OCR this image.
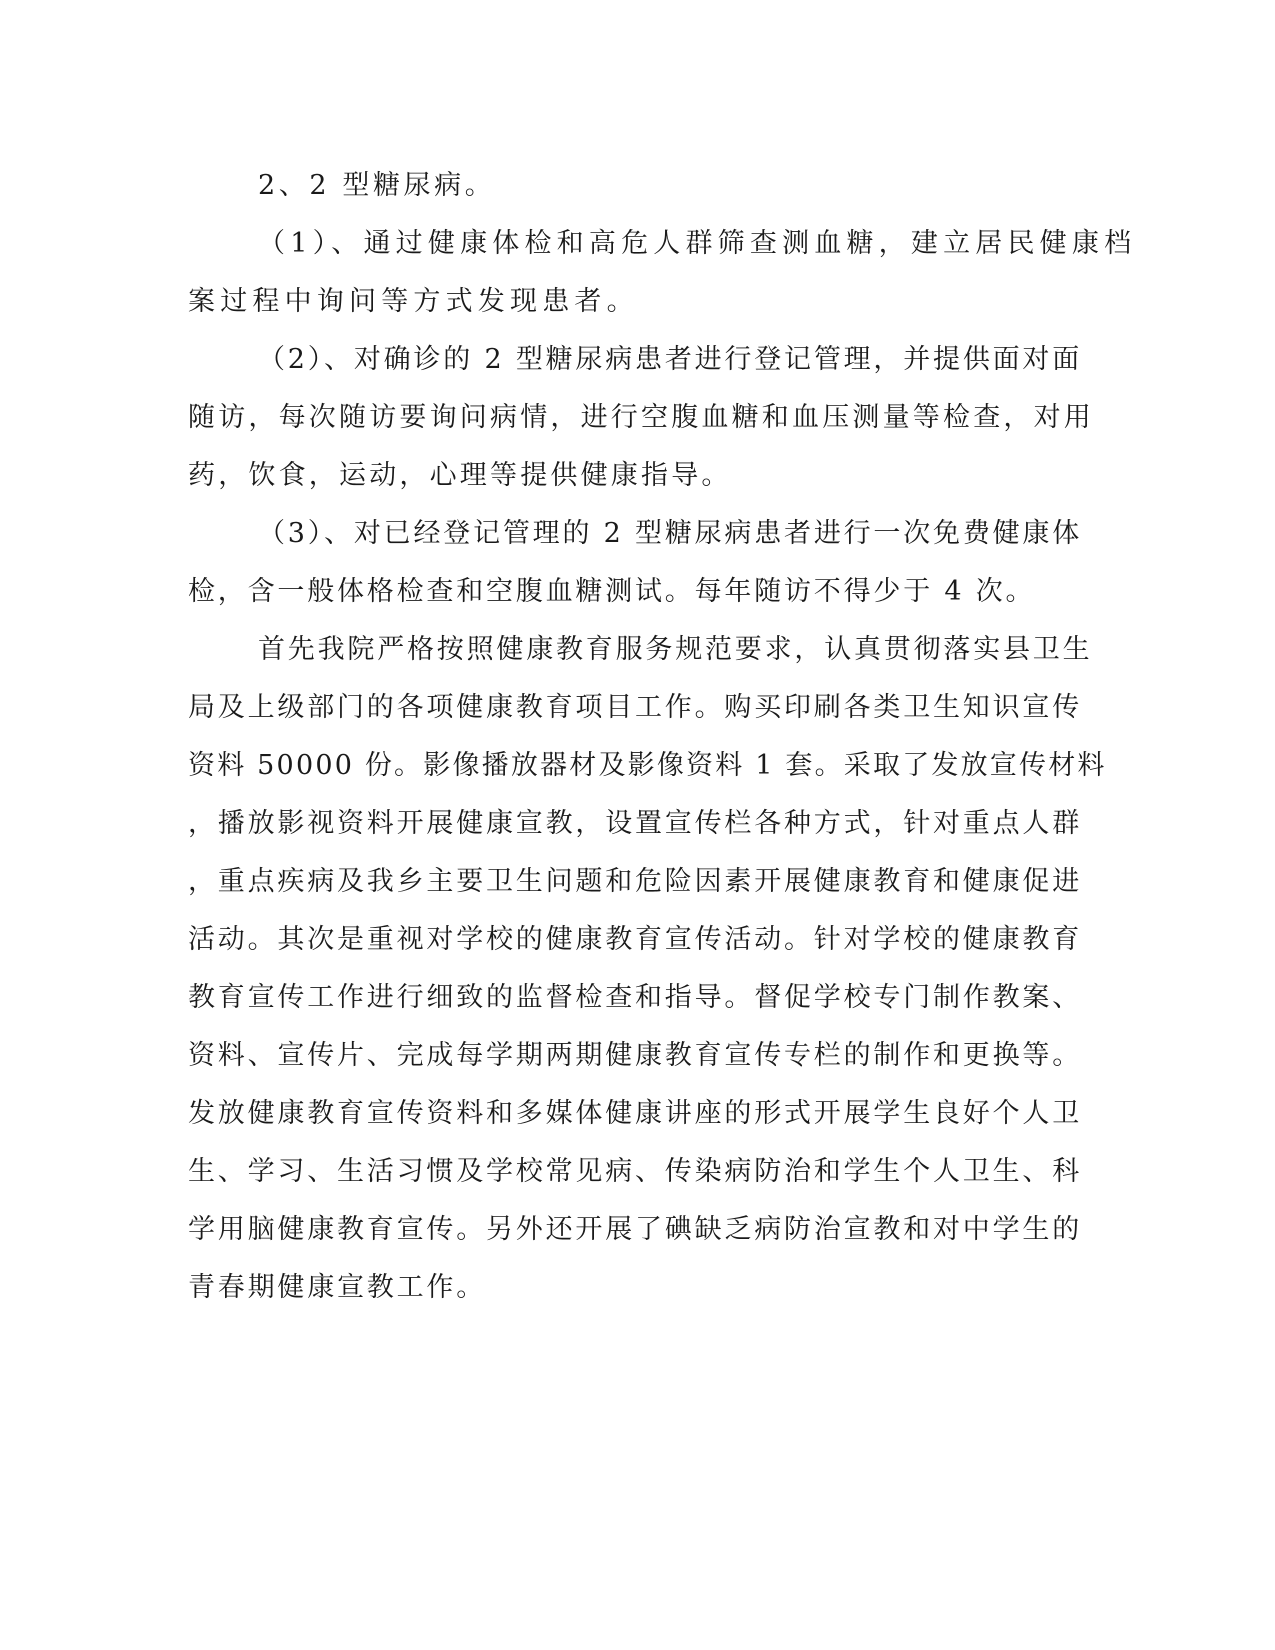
2、2 型糖尿病。

（1）、通过健康体检和高危人群筛查测血糖，建立居民健康档

案过程中询问等方式发现患者。

（2）、对确诊的 2 型糖尿病患者进行登记管理，并提供面对面

随访，每次随访要询问病情，进行空腹血糖和血压测量等检查，对用

药，饮食，运动，心理等提供健康指导。

（3）、对已经登记管理的 2 型糖尿病患者进行一次免费健康体

检，含一般体格检查和空腹血糖测试。每年随访不得少于 4 次。

首先我院严格按照健康教育服务规范要求，认真贯彻落实县卫生

局及上级部门的各项健康教育项目工作。购买印刷各类卫生知识宣传

资料 50000 份。影像播放器材及影像资料 1 套。采取了发放宣传材料

，播放影视资料开展健康宣教，设置宣传栏各种方式，针对重点人群

，重点疾病及我乡主要卫生问题和危险因素开展健康教育和健康促进

活动。其次是重视对学校的健康教育宣传活动。针对学校的健康教育

教育宣传工作进行细致的监督检查和指导。督促学校专门制作教案、

资料、宣传片、完成每学期两期健康教育宣传专栏的制作和更换等。

发放健康教育宣传资料和多媒体健康讲座的形式开展学生良好个人卫

生、学习、生活习惯及学校常见病、传染病防治和学生个人卫生、科

学用脑健康教育宣传。另外还开展了碘缺乏病防治宣教和对中学生的

青春期健康宣教工作。
